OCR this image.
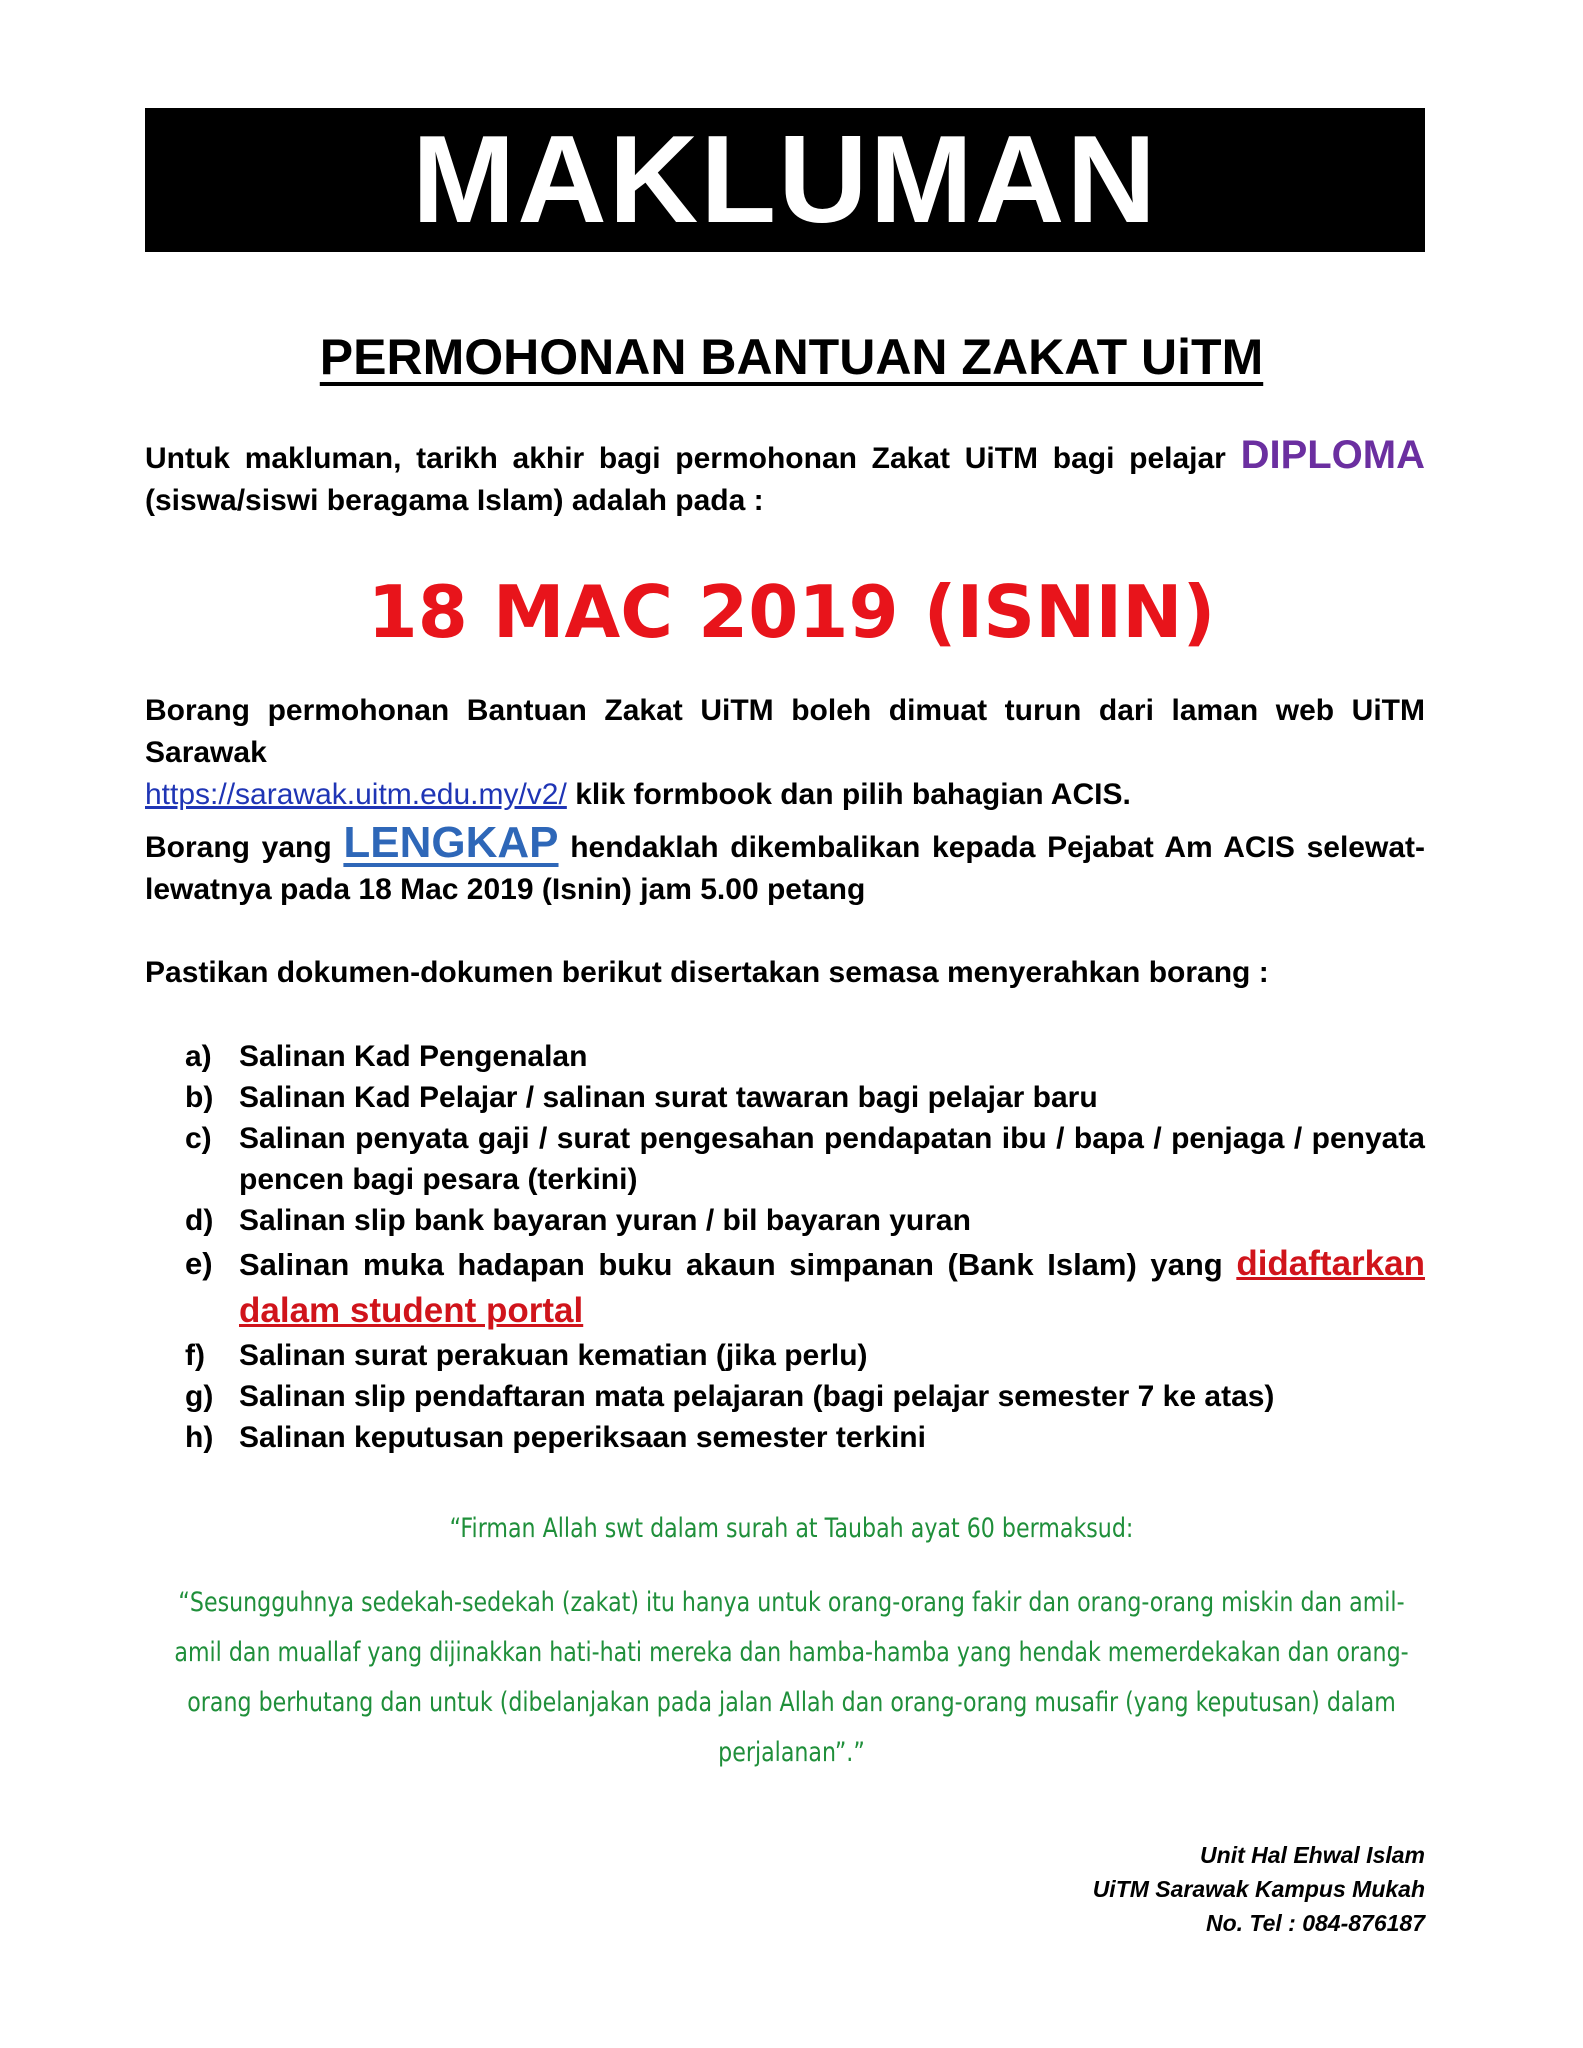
MAKLUMAN
PERMOHONAN BANTUAN ZAKAT UiTM
Untuk makluman, tarikh akhir bagi permohonan Zakat UiTM bagi pelajar DIPLOMA
(siswa/siswi beragama Islam) adalah pada :
18 MAC 2019 (ISNIN)
Borang permohonan Bantuan Zakat UiTM boleh dimuat turun dari laman web UiTM Sarawak
https://sarawak.uitm.edu.my/v2/ klik formbook dan pilih bahagian ACIS.
Borang yang LENGKAP hendaklah dikembalikan kepada Pejabat Am ACIS selewat-
lewatnya pada 18 Mac 2019 (Isnin) jam 5.00 petang
Pastikan dokumen-dokumen berikut disertakan semasa menyerahkan borang :
a) Salinan Kad Pengenalan
b) Salinan Kad Pelajar / salinan surat tawaran bagi pelajar baru
c) Salinan penyata gaji / surat pengesahan pendapatan ibu / bapa / penjaga / penyata pencen bagi pesara (terkini)
d) Salinan slip bank bayaran yuran / bil bayaran yuran
e) Salinan muka hadapan buku akaun simpanan (Bank Islam) yang didaftarkan dalam student portal
f)	Salinan surat perakuan kematian (jika perlu)
g) Salinan slip pendaftaran mata pelajaran (bagi pelajar semester 7 ke atas)
h) Salinan keputusan peperiksaan semester terkini
“Firman Allah swt dalam surah at Taubah ayat 60 bermaksud:
“Sesungguhnya sedekah-sedekah (zakat) itu hanya untuk orang-orang fakir dan orang-orang miskin dan amil-
amil dan muallaf yang dijinakkan hati-hati mereka dan hamba-hamba yang hendak memerdekakan dan orang-
orang berhutang dan untuk (dibelanjakan pada jalan Allah dan orang-orang musafir (yang keputusan) dalam
perjalanan”.”
Unit Hal Ehwal Islam
UiTM Sarawak Kampus Mukah
No. Tel : 084-876187
